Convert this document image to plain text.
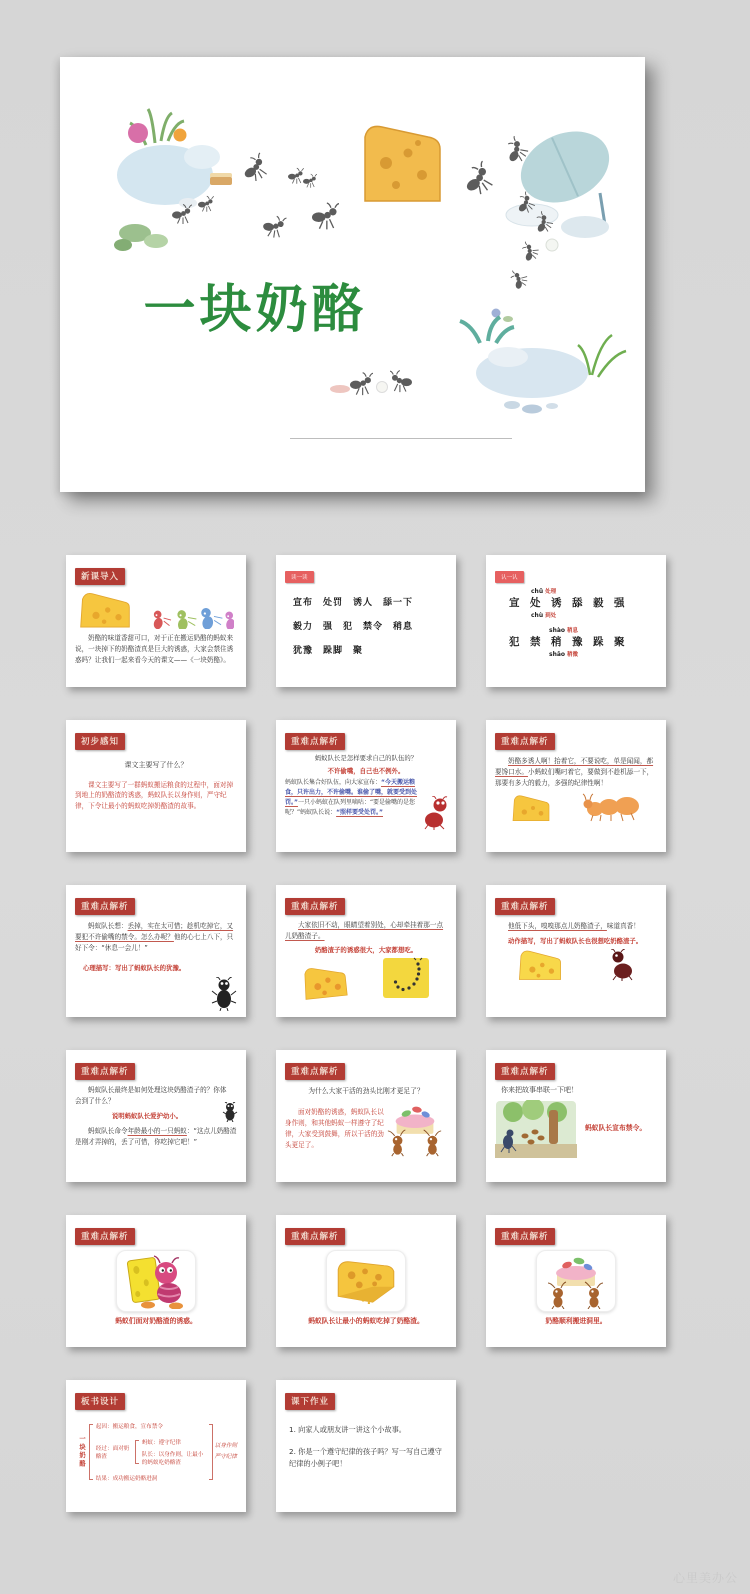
一块奶酪
新课导入

奶酪的味道香甜可口，对于正在搬运奶酪的蚂蚁来说，一块掉下的奶酪渣真是巨大的诱惑，大家会禁住诱惑吗？让我们一起来看今天的课文——《一块奶酪》。

读一读

宣布　处罚　诱人　舔一下

毅力　强　犯　禁令　稍息

犹豫　跺脚　聚

认一认
chǔ 处理
宣　处　诱　舔　毅　强
chù 到处
shào 稍息
犯　禁　稍　豫　跺　聚
shāo 稍微
初步感知

课文主要写了什么？

课文主要写了一群蚂蚁搬运粮食的过程中，面对掉到地上的奶酪渣的诱惑，蚂蚁队长以身作则，严守纪律，下令让最小的蚂蚁吃掉奶酪渣的故事。

重难点解析

蚂蚁队长是怎样要求自己的队伍的？

不许偷嘴，自己也不例外。

蚂蚁队长集合好队伍，向大家宣布：“今天搬运粮食，只许出力，不许偷嘴。谁偷了嘴，就要受到处罚。”一只小蚂蚁在队列里嘀咕：“要是偷嘴的是您呢？”蚂蚁队长说：“照样要受处罚。”

重难点解析

奶酪多诱人啊！抬着它，不要说吃，单是闻闻，都要馋口水。小蚂蚁们嘴叼着它，要做到不趁机舔一下，那要有多大的毅力，多强的纪律性啊！

重难点解析

蚂蚁队长想：丢掉，实在太可惜；趁机吃掉它，又要犯不许偷嘴的禁令。怎么办呢？他的心七上八下，只好下令：“休息一会儿！”

心理描写：写出了蚂蚁队长的犹豫。

重难点解析

大家依旧不动，眼睛望着别处，心却牵挂着那一点儿奶酪渣子。

奶酪渣子的诱惑很大，大家都想吃。

重难点解析

他低下头，嗅嗅那点儿奶酪渣子，味道真香！

动作描写，写出了蚂蚁队长也很想吃奶酪渣子。

重难点解析

蚂蚁队长最终是如何处理这块奶酪渣子的？你体会到了什么？

说明蚂蚁队长爱护幼小。

蚂蚁队长命令年龄最小的一只蚂蚁：“这点儿奶酪渣是刚才弄掉的，丢了可惜，你吃掉它吧！”

重难点解析

为什么大家干活的劲头比刚才更足了？

面对奶酪的诱惑，蚂蚁队长以身作则，和其他蚂蚁一样遵守了纪律，大家受到鼓舞，所以干活的劲头更足了。

重难点解析

你来把故事串联一下吧！

蚂蚁队长宣布禁令。

重难点解析

蚂蚁们面对奶酪渣的诱惑。

重难点解析

蚂蚁队长让最小的蚂蚁吃掉了奶酪渣。

重难点解析

奶酪顺利搬进洞里。

板书设计
一块奶酪
起因：搬运粮食，宣布禁令
经过：面对奶酪渣
蚂蚁：遵守纪律
队长：以身作则，让最小的蚂蚁吃奶酪渣
结果：成功搬运奶酪进洞
以身作则
严守纪律
课下作业

1. 向家人或朋友讲一讲这个小故事。

2. 你是一个遵守纪律的孩子吗？写一写自己遵守纪律的小例子吧！

心里美办公
